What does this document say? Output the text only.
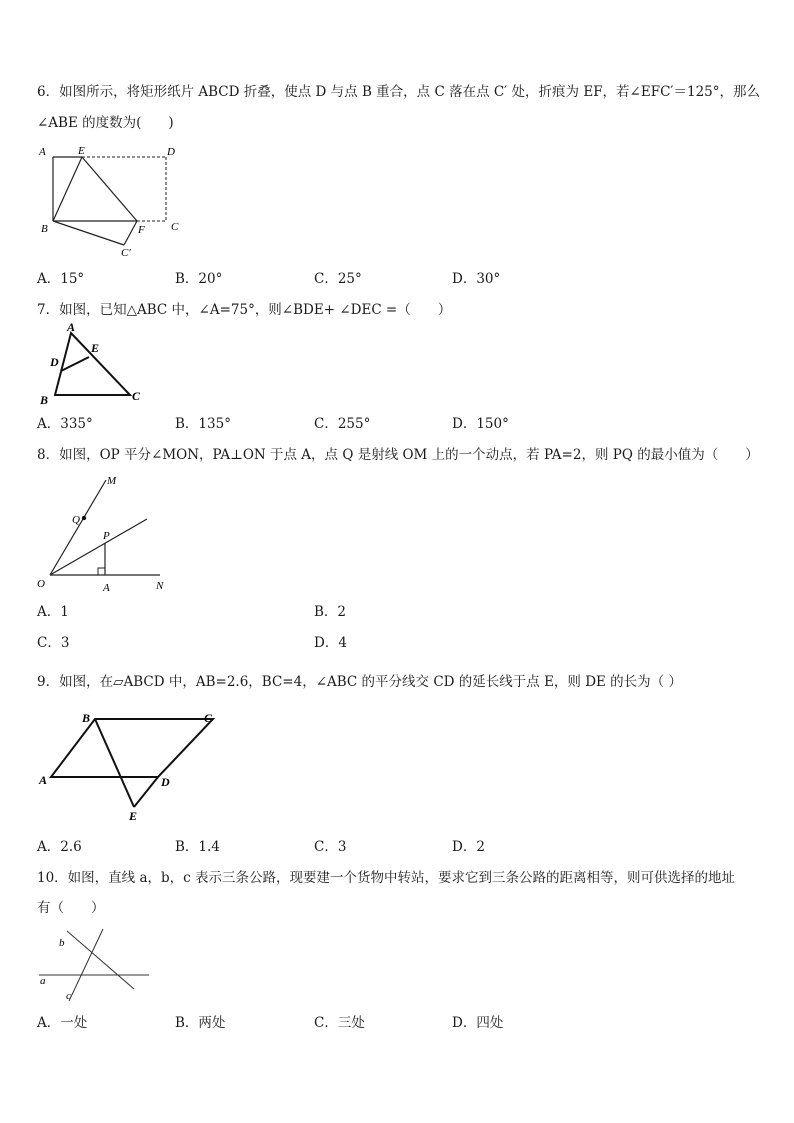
6．如图所示，将矩形纸片 ABCD 折叠，使点 D 与点 B 重合，点 C 落在点 C′ 处，折痕为 EF，若∠EFC′＝125°，那么
∠ABE 的度数为(　　)
A	E	D
B	F C
C′
A．15°	B．20°	C．25°	D．30°
7．如图，已知△ABC 中，∠A=75°，则∠BDE+ ∠DEC =（　　）
A
D
E
B	C
A．335°	B．135°	C．255°	D．150°
8．如图，OP 平分∠MON，PA⊥ON 于点 A，点 Q 是射线 OM 上的一个动点，若 PA=2，则 PQ 的最小值为（　　）
M
Q
P
O	A	N
A．1	B．2
C．3	D．4
9．如图，在▱ABCD 中，AB=2.6，BC=4，∠ABC 的平分线交 CD 的延长线于点 E，则 DE 的长为（ ）
B	C
A	D
E
A．2.6	B．1.4	C．3	D．2
10．如图，直线 a，b，c 表示三条公路，现要建一个货物中转站，要求它到三条公路的距离相等，则可供选择的地址
有（　　）
b
a
c
A．一处	B．两处	C．三处	D．四处
